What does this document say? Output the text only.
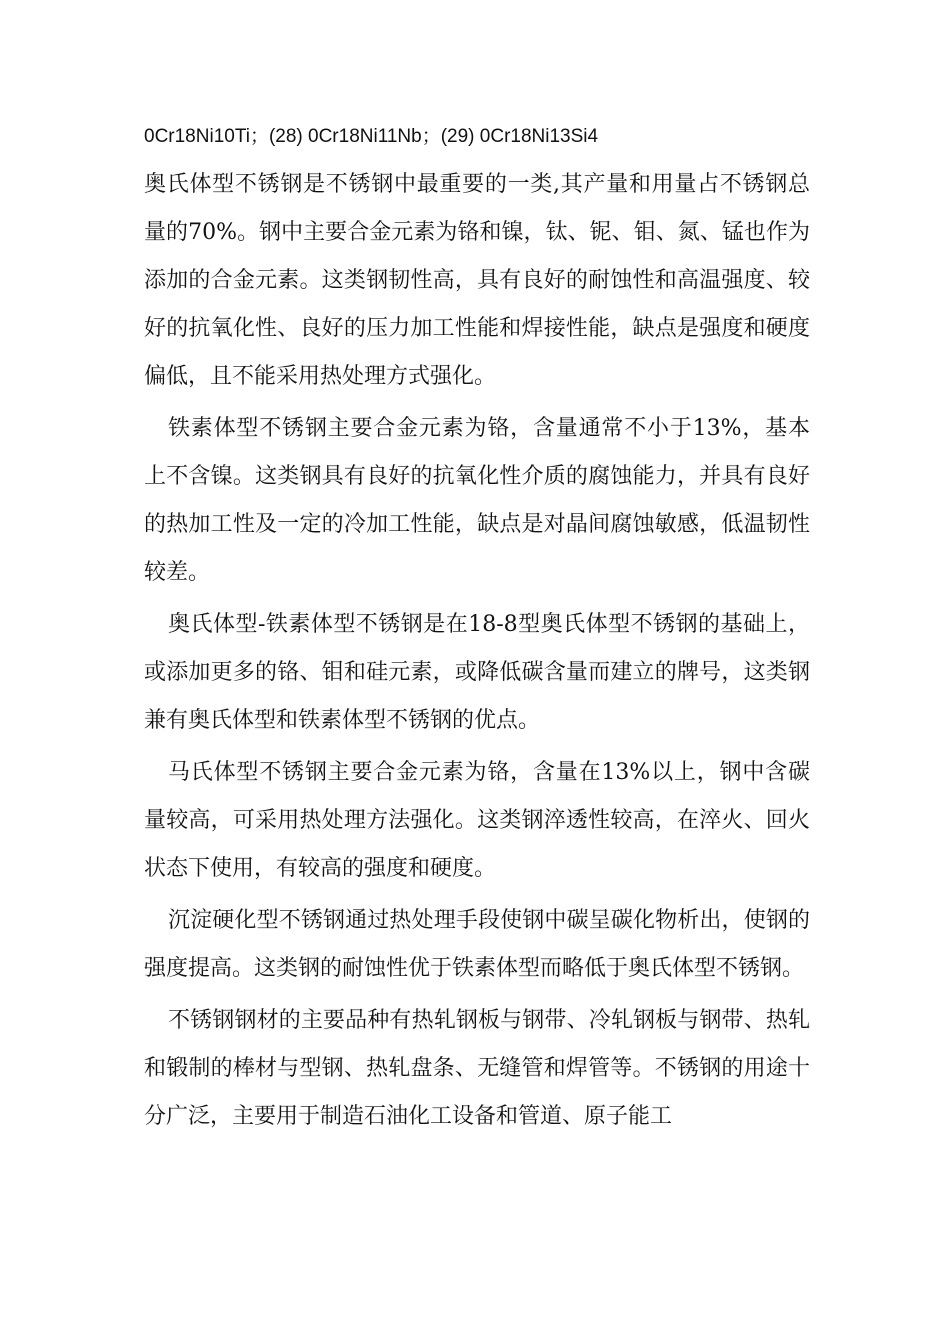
0Cr18Ni10Ti；(28) 0Cr18Ni11Nb；(29) 0Cr18Ni13Si4

奥氏体型不锈钢是不锈钢中最重要的一类,其产量和用量占不锈钢总量的70%。钢中主要合金元素为铬和镍，钛、铌、钼、氮、锰也作为添加的合金元素。这类钢韧性高，具有良好的耐蚀性和高温强度、较好的抗氧化性、良好的压力加工性能和焊接性能，缺点是强度和硬度偏低，且不能采用热处理方式强化。

铁素体型不锈钢主要合金元素为铬，含量通常不小于13%，基本上不含镍。这类钢具有良好的抗氧化性介质的腐蚀能力，并具有良好的热加工性及一定的冷加工性能，缺点是对晶间腐蚀敏感，低温韧性较差。

奥氏体型-铁素体型不锈钢是在18-8型奥氏体型不锈钢的基础上，或添加更多的铬、钼和硅元素，或降低碳含量而建立的牌号，这类钢兼有奥氏体型和铁素体型不锈钢的优点。

马氏体型不锈钢主要合金元素为铬，含量在13%以上，钢中含碳量较高，可采用热处理方法强化。这类钢淬透性较高，在淬火、回火状态下使用，有较高的强度和硬度。

沉淀硬化型不锈钢通过热处理手段使钢中碳呈碳化物析出，使钢的强度提高。这类钢的耐蚀性优于铁素体型而略低于奥氏体型不锈钢。

不锈钢钢材的主要品种有热轧钢板与钢带、冷轧钢板与钢带、热轧和锻制的棒材与型钢、热轧盘条、无缝管和焊管等。不锈钢的用途十分广泛，主要用于制造石油化工设备和管道、原子能工
